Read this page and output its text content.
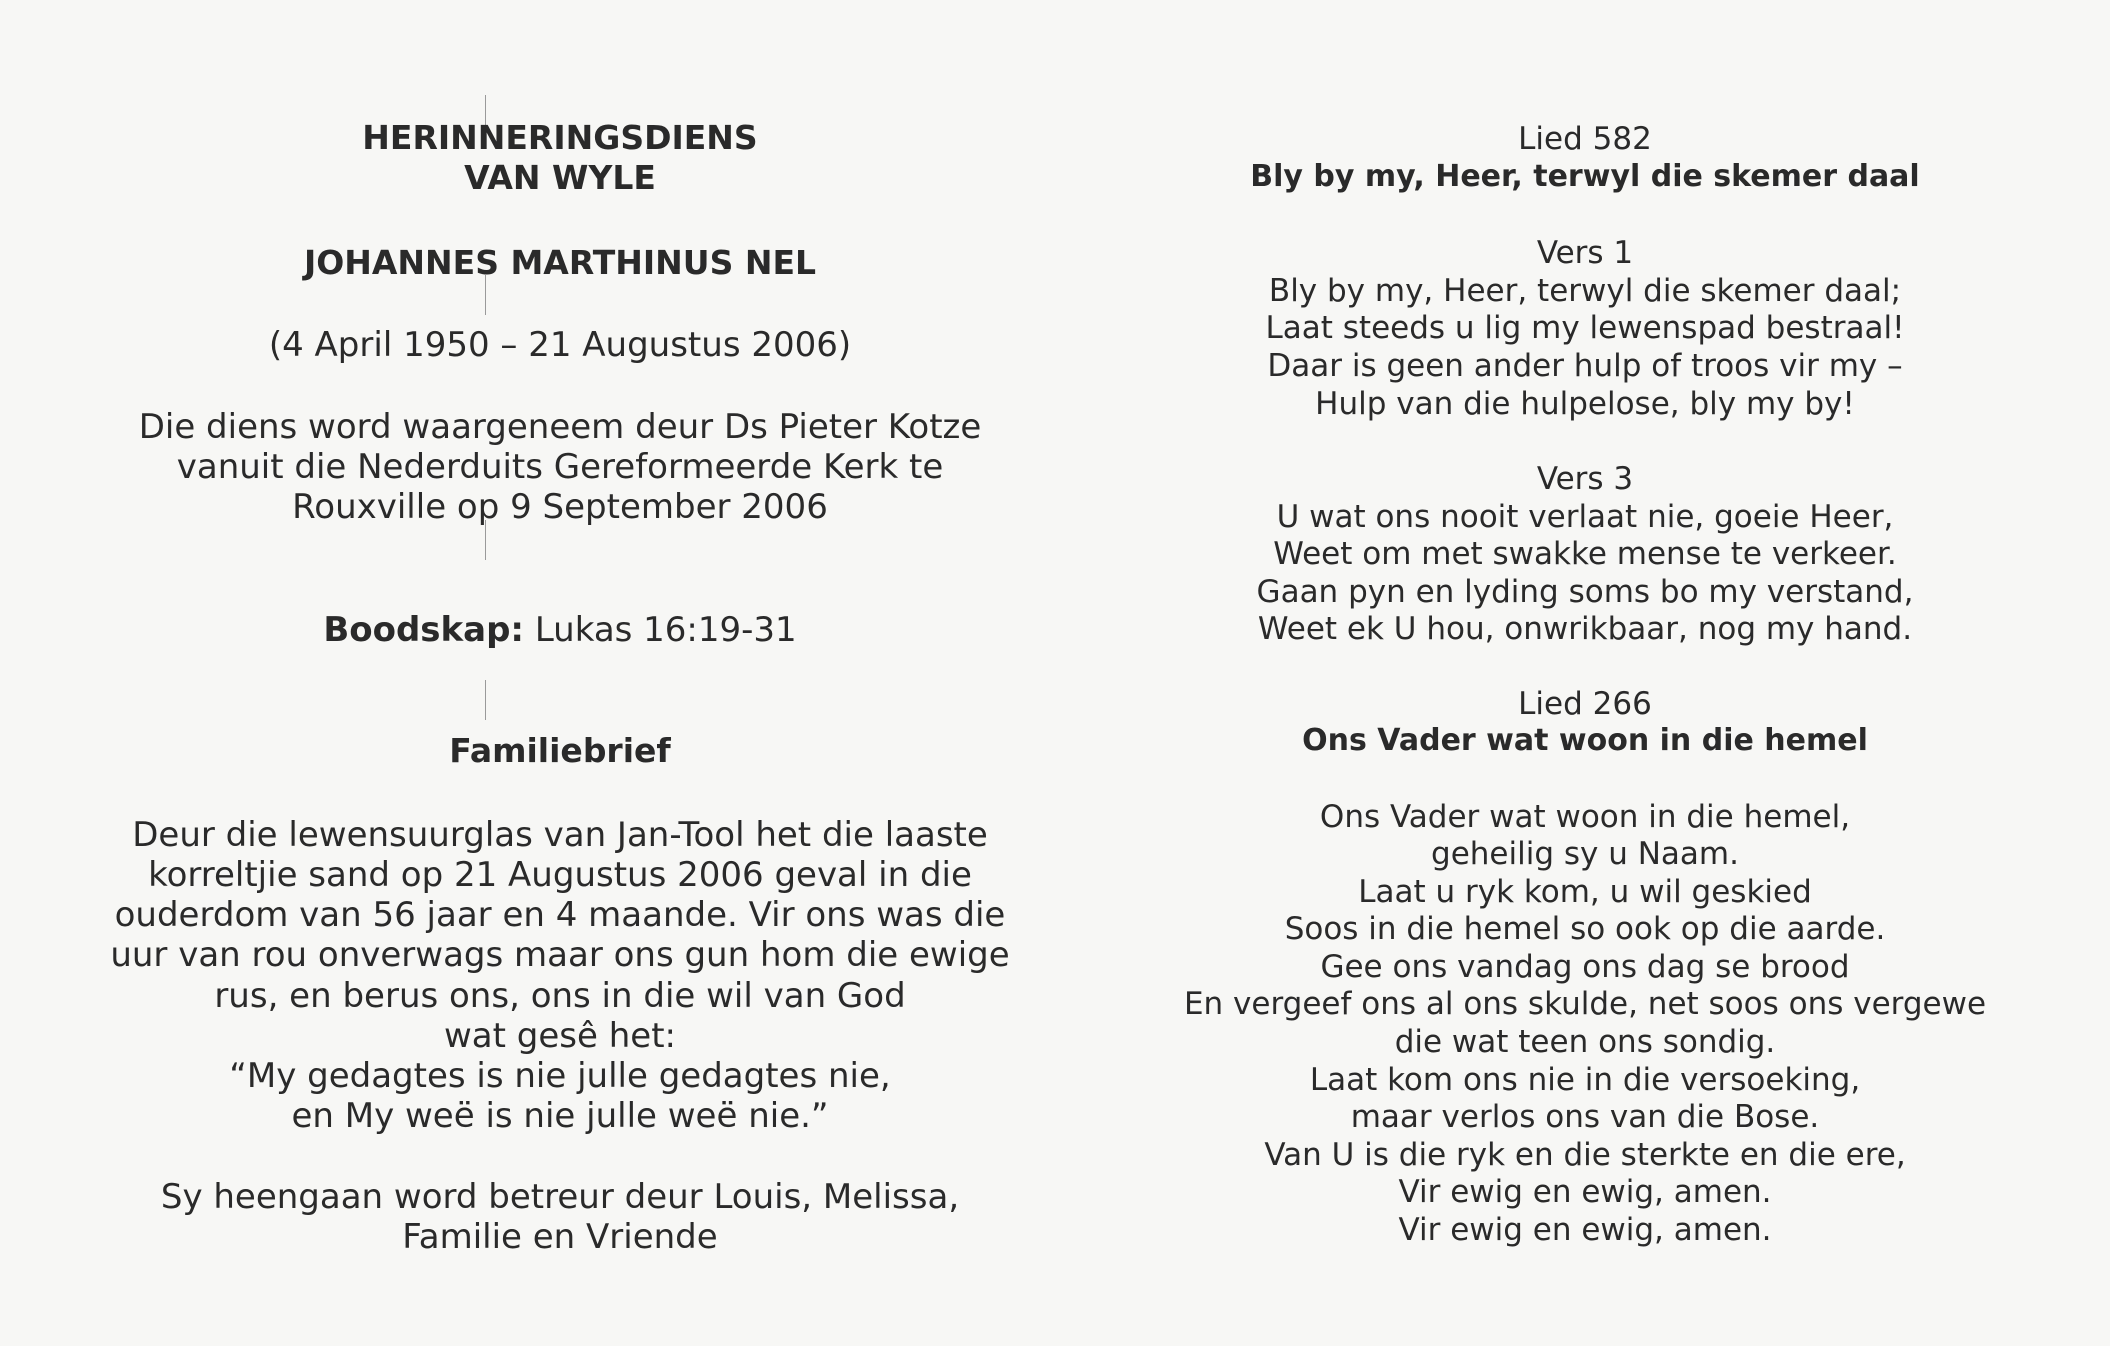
HERINNERINGSDIENS
VAN WYLE
JOHANNES MARTHINUS NEL
(4 April 1950 – 21 Augustus 2006)
Die diens word waargeneem deur Ds Pieter Kotze
vanuit die Nederduits Gereformeerde Kerk te
Rouxville op 9 September 2006
Boodskap: Lukas 16:19-31
Familiebrief
Deur die lewensuurglas van Jan-Tool het die laaste
korreltjie sand op 21 Augustus 2006 geval in die
ouderdom van 56 jaar en 4 maande. Vir ons was die
uur van rou onverwags maar ons gun hom die ewige
rus, en berus ons, ons in die wil van God
wat gesê het:
“My gedagtes is nie julle gedagtes nie,
en My weë is nie julle weë nie.”
Sy heengaan word betreur deur Louis, Melissa,
Familie en Vriende
Lied 582
Bly by my, Heer, terwyl die skemer daal
Vers 1
Bly by my, Heer, terwyl die skemer daal;
Laat steeds u lig my lewenspad bestraal!
Daar is geen ander hulp of troos vir my –
Hulp van die hulpelose, bly my by!
Vers 3
U wat ons nooit verlaat nie, goeie Heer,
Weet om met swakke mense te verkeer.
Gaan pyn en lyding soms bo my verstand,
Weet ek U hou, onwrikbaar, nog my hand.
Lied 266
Ons Vader wat woon in die hemel
Ons Vader wat woon in die hemel,
geheilig sy u Naam.
Laat u ryk kom, u wil geskied
Soos in die hemel so ook op die aarde.
Gee ons vandag ons dag se brood
En vergeef ons al ons skulde, net soos ons vergewe
die wat teen ons sondig.
Laat kom ons nie in die versoeking,
maar verlos ons van die Bose.
Van U is die ryk en die sterkte en die ere,
Vir ewig en ewig, amen.
Vir ewig en ewig, amen.
